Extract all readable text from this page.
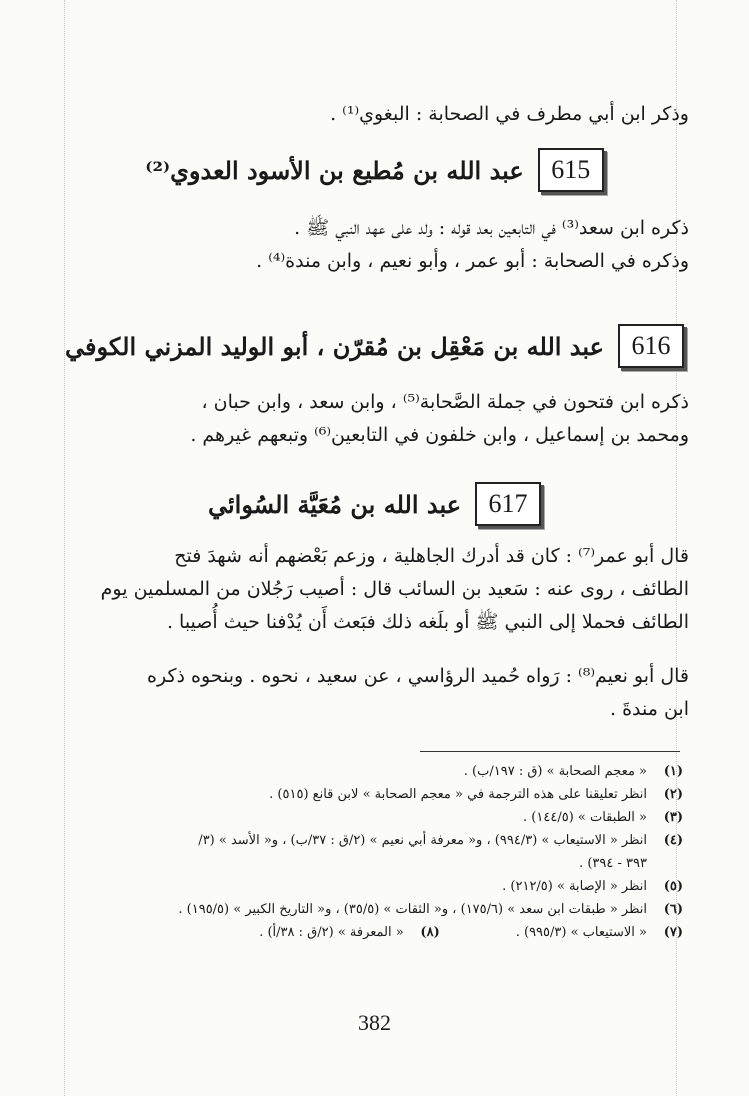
وذكر ابن أبي مطرف في الصحابة : البغوي⁽¹⁾ .
615
عبد الله بن مُطيع بن الأسود العدوي⁽²⁾
ذكره ابن سعد⁽³⁾ في التابعين بعد قوله : ولد على عهد النبي ﷺ .
وذكره في الصحابة : أبو عمر ، وأبو نعيم ، وابن مندة⁽⁴⁾ .
616
عبد الله بن مَعْقِل بن مُقرّن ، أبو الوليد المزني الكوفي
ذكره ابن فتحون في جملة الصَّحابة⁽⁵⁾ ، وابن سعد ، وابن حبان ،
ومحمد بن إسماعيل ، وابن خلفون في التابعين⁽⁶⁾ وتبعهم غيرهم .
617
عبد الله بن مُعَيَّة السُوائي
قال أبو عمر⁽⁷⁾ : كان قد أدرك الجاهلية ، وزعم بَعْضهم أنه شهدَ فتح
الطائف ، روى عنه : سَعيد بن السائب قال : أصيب رَجُلان من المسلمين يوم
الطائف فحملا إلى النبي ﷺ أو بلَغه ذلك فبَعث أَن يُدْفنا حيث أُصيبا .
قال أبو نعيم⁽⁸⁾ : رَواه حُميد الرؤاسي ، عن سعيد ، نحوه . وبنحوه ذكره
ابن مندةَ .
(١)
« معجم الصحابة » (ق : ١٩٧/ب) .
(٢)
انظر تعليقنا على هذه الترجمة في « معجم الصحابة » لابن قانع (٥١٥) .
(٣)
« الطبقات » (١٤٤/٥) .
(٤)
انظر « الاستيعاب » (٩٩٤/٣) ، و« معرفة أبي نعيم » (٢/ق : ٣٧/ب) ، و« الأسد » (٣/
٣٩٣ - ٣٩٤) .
(٥)
انظر « الإصابة » (٢١٢/٥) .
(٦)
انظر « طبقات ابن سعد » (١٧٥/٦) ، و« الثقات » (٣٥/٥) ، و« التاريخ الكبير » (١٩٥/٥) .
(٧)
« الاستيعاب » (٩٩٥/٣) .
(٨)
« المعرفة » (٢/ق : ٣٨/أ) .
382
